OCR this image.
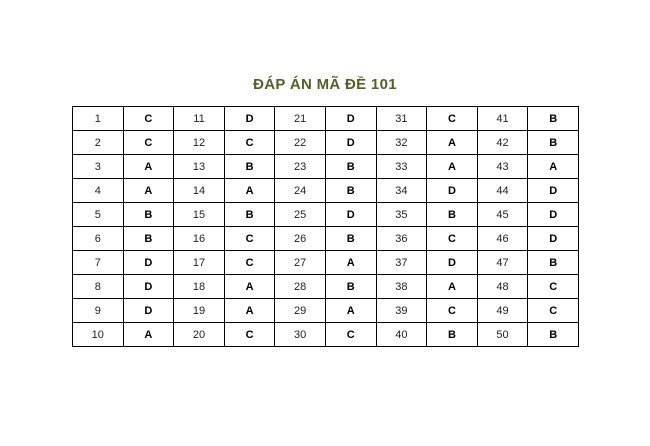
ĐÁP ÁN MÃ ĐỀ 101
1	C	11	D	21	D	31	C	41	B
2	C	12	C	22	D	32	A	42	B
3	A	13	B	23	B	33	A	43	A
4	A	14	A	24	B	34	D	44	D
5	B	15	B	25	D	35	B	45	D
6	B	16	C	26	B	36	C	46	D
7	D	17	C	27	A	37	D	47	B
8	D	18	A	28	B	38	A	48	C
9	D	19	A	29	A	39	C	49	C
10	A	20	C	30	C	40	B	50	B
